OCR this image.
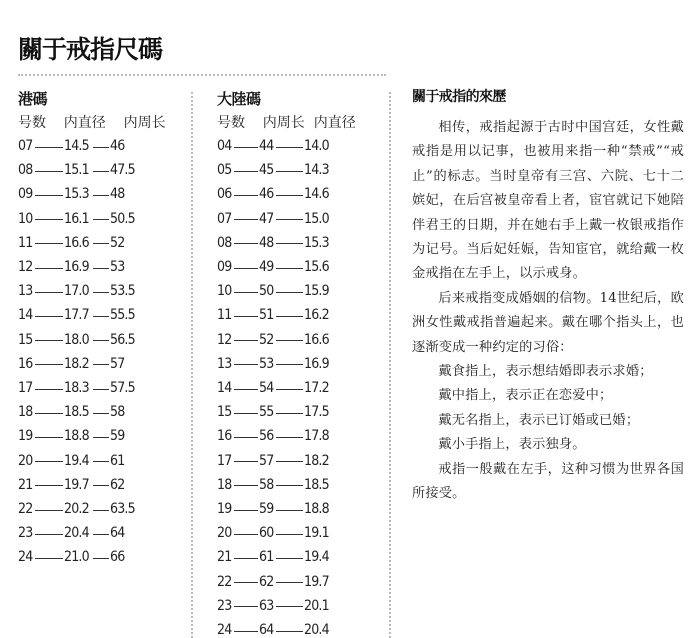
關于戒指尺碼
港碼
号数    内直径    内周长
07 14.5 46
08 15.1 47.5
09 15.3 48
10 16.1 50.5
11 16.6 52
12 16.9 53
13 17.0 53.5
14 17.7 55.5
15 18.0 56.5
16 18.2 57
17 18.3 57.5
18 18.5 58
19 18.8 59
20 19.4 61
21 19.7 62
22 20.2 63.5
23 20.4 64
24 21.0 66
大陸碼
号数    内周长  内直径
04 44 14.0
05 45 14.3
06 46 14.6
07 47 15.0
08 48 15.3
09 49 15.6
10 50 15.9
11 51 16.2
12 52 16.6
13 53 16.9
14 54 17.2
15 55 17.5
16 56 17.8
17 57 18.2
18 58 18.5
19 59 18.8
20 60 19.1
21 61 19.4
22 62 19.7
23 63 20.1
24 64 20.4
關于戒指的來歷

相传，戒指起源于古时中国宫廷，女性戴戒指是用以记事，也被用来指一种“禁戒”“戒止”的标志。当时皇帝有三宫、六院、七十二嫔妃，在后宫被皇帝看上者，宦官就记下她陪伴君王的日期，并在她右手上戴一枚银戒指作为记号。当后妃妊娠，告知宦官，就给戴一枚金戒指在左手上，以示戒身。

后来戒指变成婚姻的信物。14世纪后，欧洲女性戴戒指普遍起来。戴在哪个指头上，也逐渐变成一种约定的习俗：

戴食指上，表示想结婚即表示求婚；

戴中指上，表示正在恋爱中；

戴无名指上，表示已订婚或已婚；

戴小手指上，表示独身。

戒指一般戴在左手，这种习惯为世界各国所接受。
